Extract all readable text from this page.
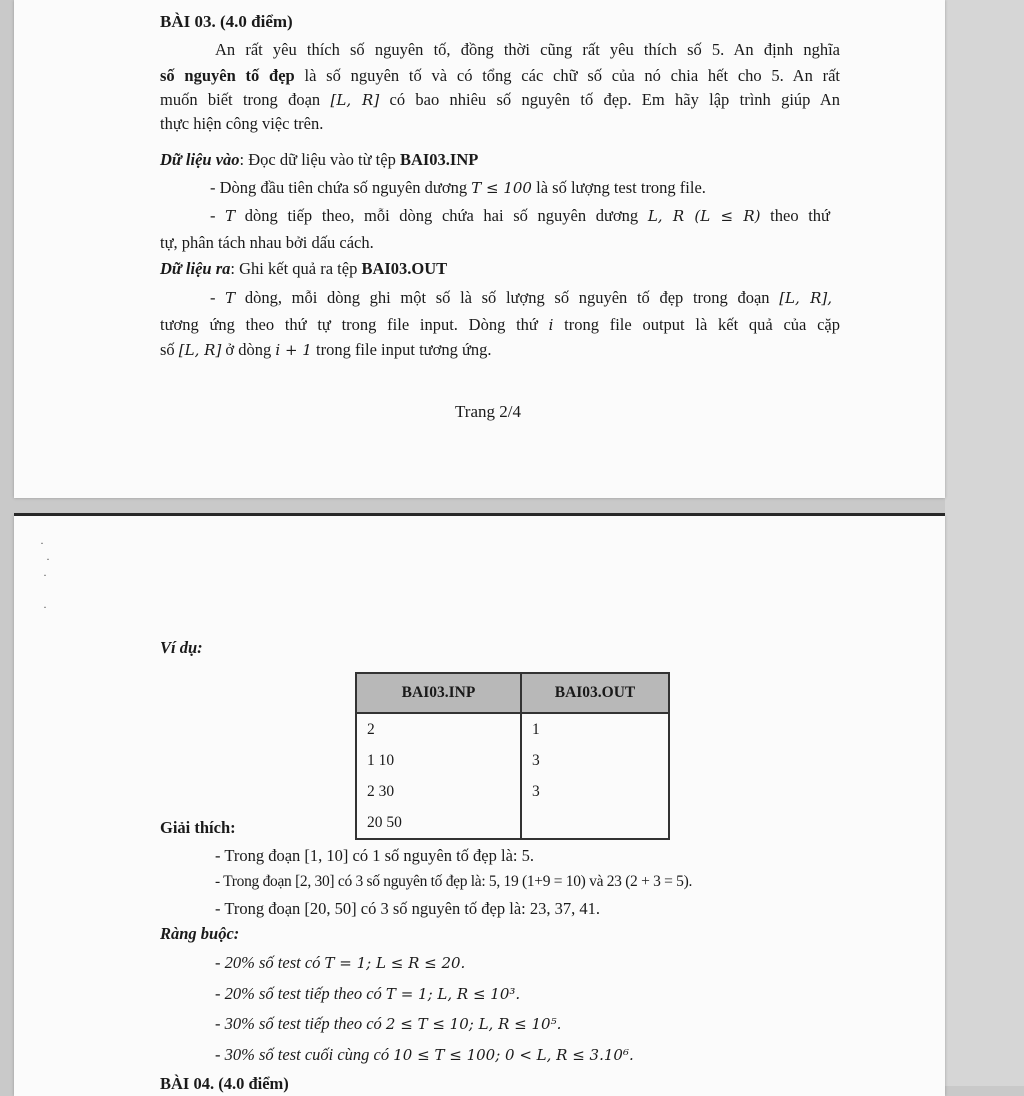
BÀI 03. (4.0 điểm)
An rất yêu thích số nguyên tố, đồng thời cũng rất yêu thích số 5. An định nghĩa
số nguyên tố đẹp là số nguyên tố và có tổng các chữ số của nó chia hết cho 5. An rất
muốn biết trong đoạn [L, R] có bao nhiêu số nguyên tố đẹp. Em hãy lập trình giúp An
thực hiện công việc trên.
Dữ liệu vào: Đọc dữ liệu vào từ tệp BAI03.INP
- Dòng đầu tiên chứa số nguyên dương T ≤ 100 là số lượng test trong file.
- T dòng tiếp theo, mỗi dòng chứa hai số nguyên dương L, R (L ≤ R) theo thứ
tự, phân tách nhau bởi dấu cách.
Dữ liệu ra: Ghi kết quả ra tệp BAI03.OUT
- T dòng, mỗi dòng ghi một số là số lượng số nguyên tố đẹp trong đoạn [L, R],
tương ứng theo thứ tự trong file input. Dòng thứ i trong file output là kết quả của cặp
số [L, R] ở dòng i + 1 trong file input tương ứng.
Trang 2/4
·
·
·

·
Ví dụ:
BAI03.INP	BAI03.OUT
2	1
1 10	3
2 30	3
20 50	
Giải thích:
- Trong đoạn [1, 10] có 1 số nguyên tố đẹp là: 5.
- Trong đoạn [2, 30] có 3 số nguyên tố đẹp là: 5, 19 (1+9 = 10) và 23 (2 + 3 = 5).
- Trong đoạn [20, 50] có 3 số nguyên tố đẹp là: 23, 37, 41.
Ràng buộc:
- 20% số test có T = 1; L ≤ R ≤ 20.
- 20% số test tiếp theo có T = 1; L, R ≤ 10³.
- 30% số test tiếp theo có 2 ≤ T ≤ 10; L, R ≤ 10⁵.
- 30% số test cuối cùng có 10 ≤ T ≤ 100; 0 < L, R ≤ 3.10⁶.
BÀI 04. (4.0 điểm)
